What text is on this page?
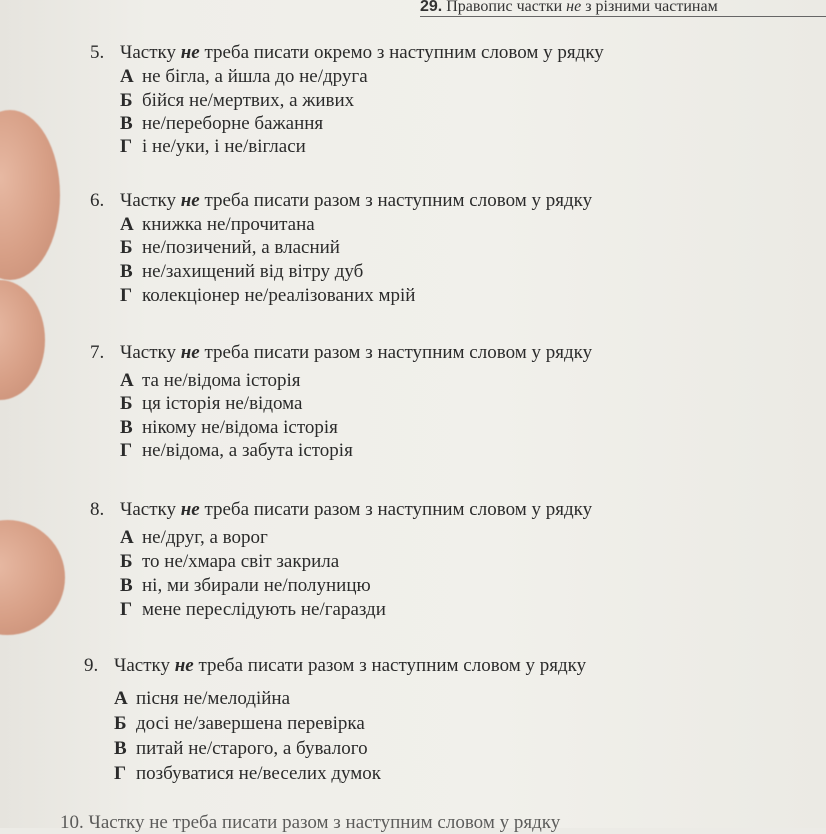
29. Правопис частки не з різними частинам
5. Частку не треба писати окремо з наступним словом у рядку
А не бігла, а йшла до не/друга
Б бійся не/мертвих, а живих
В не/переборне бажання
Г і не/уки, і не/вігласи
6. Частку не треба писати разом з наступним словом у рядку
А книжка не/прочитана
Б не/позичений, а власний
В не/захищений від вітру дуб
Г колекціонер не/реалізованих мрій
7. Частку не треба писати разом з наступним словом у рядку
А та не/відома історія
Б ця історія не/відома
В нікому не/відома історія
Г не/відома, а забута історія
8. Частку не треба писати разом з наступним словом у рядку
А не/друг, а ворог
Б то не/хмара світ закрила
В ні, ми збирали не/полуницю
Г мене переслідують не/гаразди
9. Частку не треба писати разом з наступним словом у рядку
А пісня не/мелодійна
Б досі не/завершена перевірка
В питай не/старого, а бувалого
Г позбуватися не/веселих думок
10. Частку не треба писати разом з наступним словом у рядку
